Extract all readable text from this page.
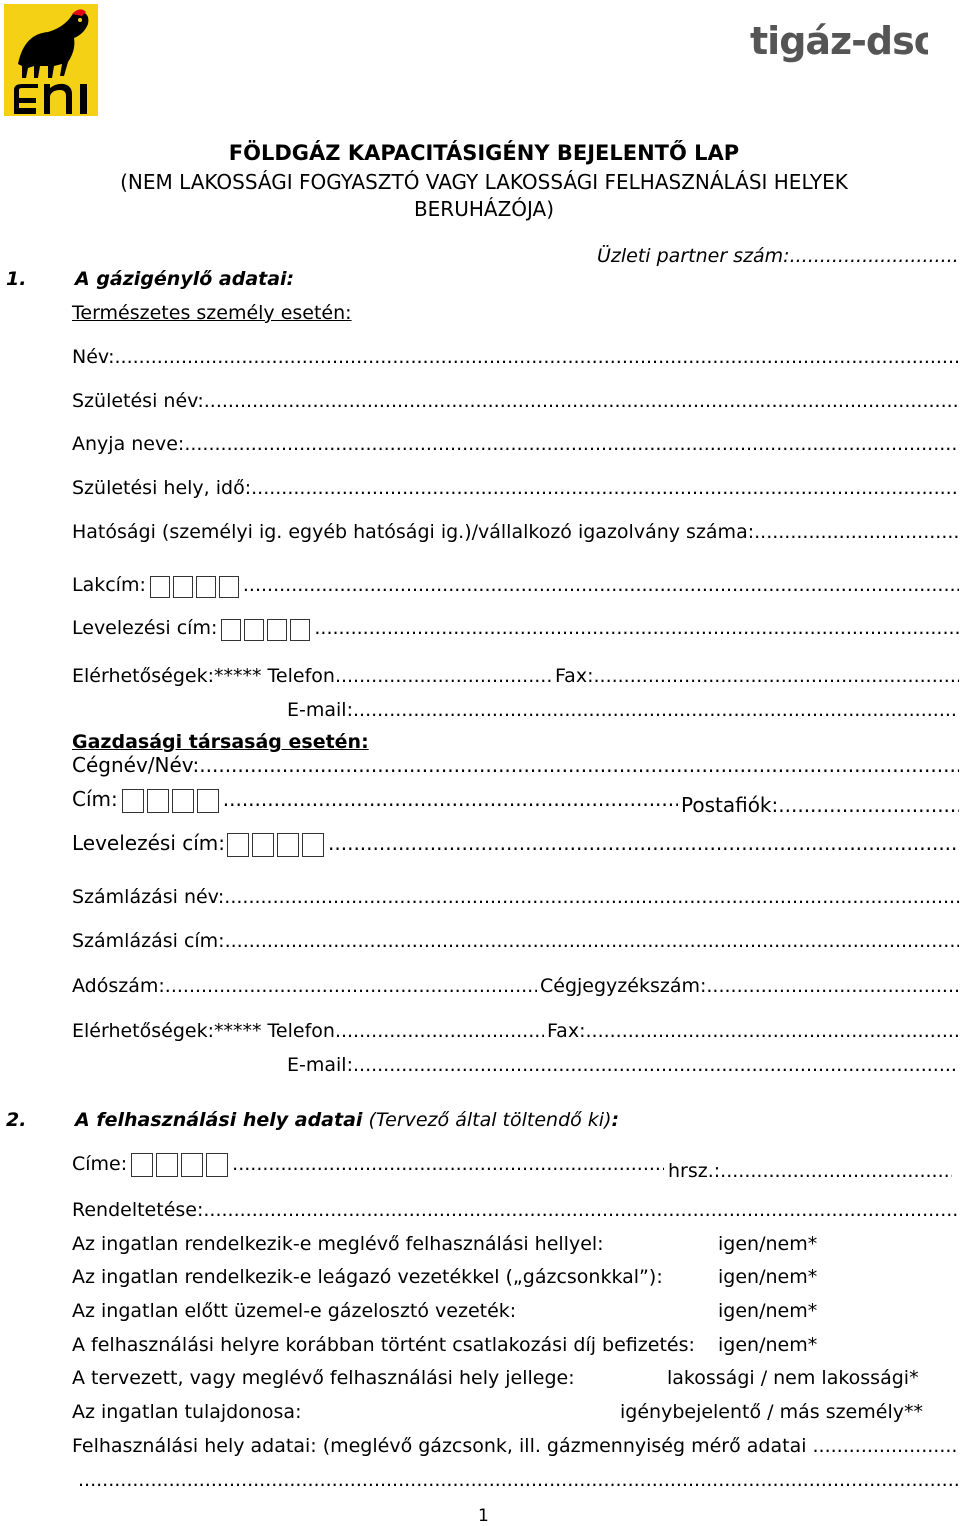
tigáz-dso
FÖLDGÁZ KAPACITÁSIGÉNY BEJELENTŐ LAP
(NEM LAKOSSÁGI FOGYASZTÓ VAGY LAKOSSÁGI FELHASZNÁLÁSI HELYEK
BERUHÁZÓJA)
Üzleti partner szám:
.....
1.	A gázigénylő adatai:
Természetes személy esetén:
Név:
.....
Születési név:
.....
Anyja neve:
.....
Születési hely, idő:
.....
Hatósági (személyi ig. egyéb hatósági ig.)/vállalkozó igazolvány száma:
.....
Lakcím:
.....
Levelezési cím:
.....
Elérhetőségek:***** Telefon .....	Fax:
.....
E-mail:
.....
Gazdasági társaság esetén:
Cégnév/Név:
.....
Cím: .....	Postafiók:
.....
Levelezési cím:
.....
Számlázási név:
.....
Számlázási cím:
.....
Adószám: .....	Cégjegyzékszám:
.....
Elérhetőségek:***** Telefon .....	Fax:
.....
E-mail:
.....
2.	A felhasználási hely adatai (Tervező által töltendő ki):
Címe: .....	hrsz.:
.....
Rendeltetése:
.....
Az ingatlan rendelkezik-e meglévő felhasználási hellyel:	igen/nem*
Az ingatlan rendelkezik-e leágazó vezetékkel („gázcsonkkal”):	igen/nem*
Az ingatlan előtt üzemel-e gázelosztó vezeték:	igen/nem*
A felhasználási helyre korábban történt csatlakozási díj befizetés: igen/nem*
A tervezett, vagy meglévő felhasználási hely jellege:	lakossági / nem lakossági*
Az ingatlan tulajdonosa:	igénybejelentő / más személy**
Felhasználási hely adatai: (meglévő gázcsonk, ill. gázmennyiség mérő adatai
.....
.....
1
